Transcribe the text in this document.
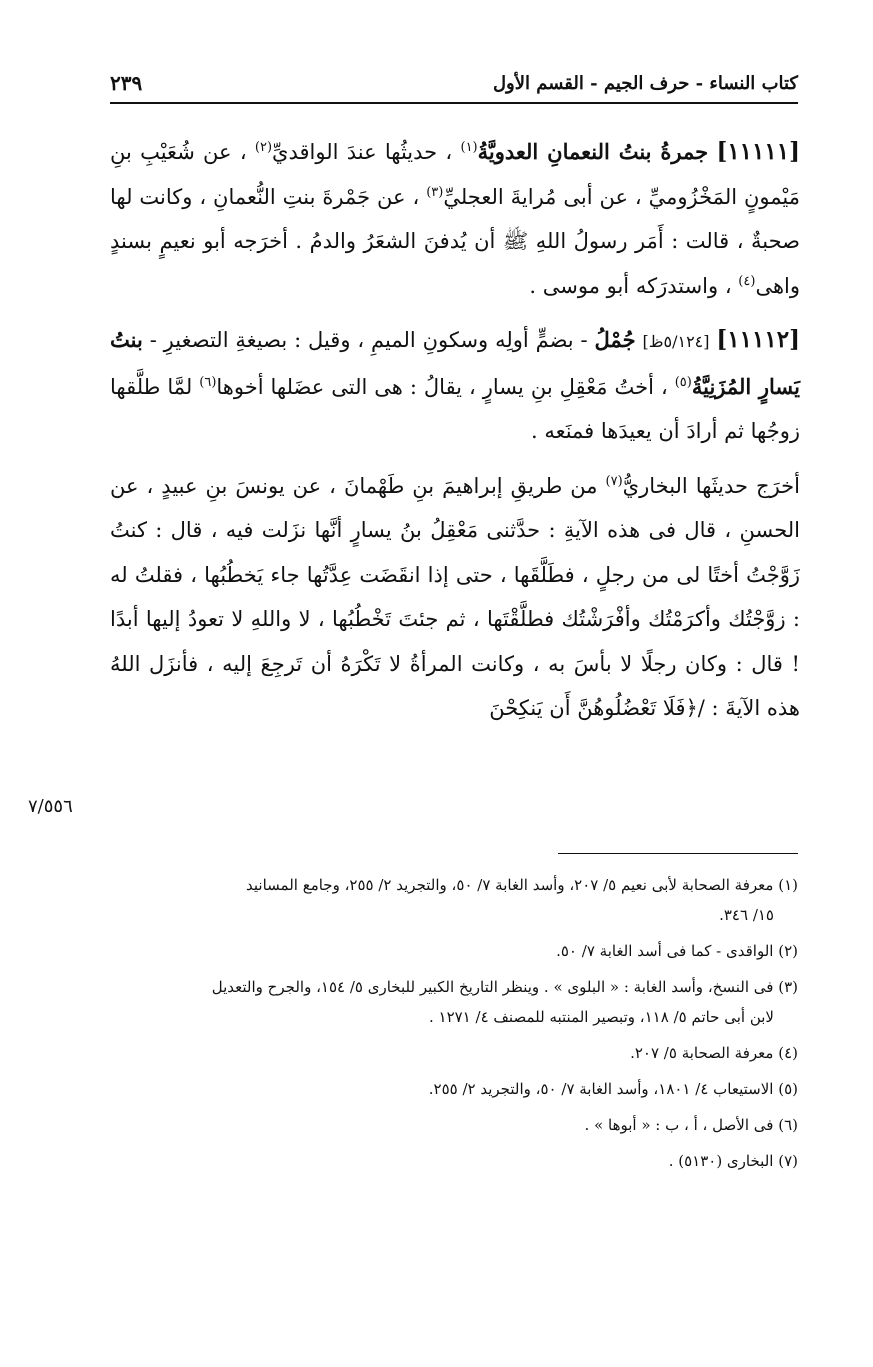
كتاب النساء - حرف الجيم - القسم الأول
٢٣٩

[١١١١١] جمرةُ بنتُ النعمانِ العدويَّةُ$^{(١)}$ ، حديثُها عندَ الواقديِّ$^{(٢)}$ ، عن شُعَيْبِ بنِ مَيْمونٍ المَخْزُوميِّ ، عن أبى مُرايةَ العجليِّ$^{(٣)}$ ، عن جَمْرةَ بنتِ النُّعمانِ ، وكانت لها صحبةٌ ، قالت : أَمَر رسولُ اللهِ ﷺ أن يُدفنَ الشعَرُ والدمُ . أخرَجه أبو نعيمٍ بسندٍ واهى$^{(٤)}$ ، واستدرَكه أبو موسى .

[١١١١٢] [٥/١٢٤ظ] جُمْلُ - بضمٍّ أولِه وسكونِ الميمِ ، وقيل : بصيغةِ التصغيرِ - بنتُ يَسارٍ المُزَنِيَّةُ$^{(٥)}$ ، أختُ مَعْقِلِ بنِ يسارٍ ، يقالُ : هى التى عضَلها أخوها$^{(٦)}$ لمَّا طلَّقها زوجُها ثم أرادَ أن يعيدَها فمنَعه .

أخرَج حديثَها البخاريُّ$^{(٧)}$ من طريقِ إبراهيمَ بنِ طَهْمانَ ، عن يونسَ بنِ عبيدٍ ، عن الحسنِ ، قال فى هذه الآيةِ : حدَّثنى مَعْقِلُ بنُ يسارٍ أنَّها نزَلت فيه ، قال : كنتُ زَوَّجْتُ أختًا لى من رجلٍ ، فطَلَّقَها ، حتى إذا انقَضَت عِدَّتُها جاء يَخطُبُها ، فقلتُ له : زوَّجْتُك وأكرَمْتُك وأفْرَشْتُك فطلَّقْتَها ، ثم جئتَ تَخْطُبُها ، لا واللهِ لا تعودُ إليها أبدًا ! قال : وكان رجلًا لا بأسَ به ، وكانت المرأةُ لا تَكْرَهُ أن تَرجِعَ إليه ، فأنزَل اللهُ هذه الآيةَ : /﴿فَلَا تَعْضُلُوهُنَّ أَن يَنكِحْنَ

٧/٥٥٦

(١) معرفة الصحابة لأبى نعيم ٥/ ٢٠٧، وأسد الغابة ٧/ ٥٠، والتجريد ٢/ ٢٥٥، وجامع المسانيد
١٥/ ٣٤٦.

(٢) الواقدى - كما فى أسد الغابة ٧/ ٥٠.

(٣) فى النسخ، وأسد الغابة : « البلوى » . وينظر التاريخ الكبير للبخارى ٥/ ١٥٤، والجرح والتعديل
لابن أبى حاتم ٥/ ١١٨، وتبصير المنتبه للمصنف ٤/ ١٢٧١ .

(٤) معرفة الصحابة ٥/ ٢٠٧.

(٥) الاستيعاب ٤/ ١٨٠١، وأسد الغابة ٧/ ٥٠، والتجريد ٢/ ٢٥٥.

(٦) فى الأصل ، أ ، ب : « أبوها » .

(٧) البخارى (٥١٣٠) .
